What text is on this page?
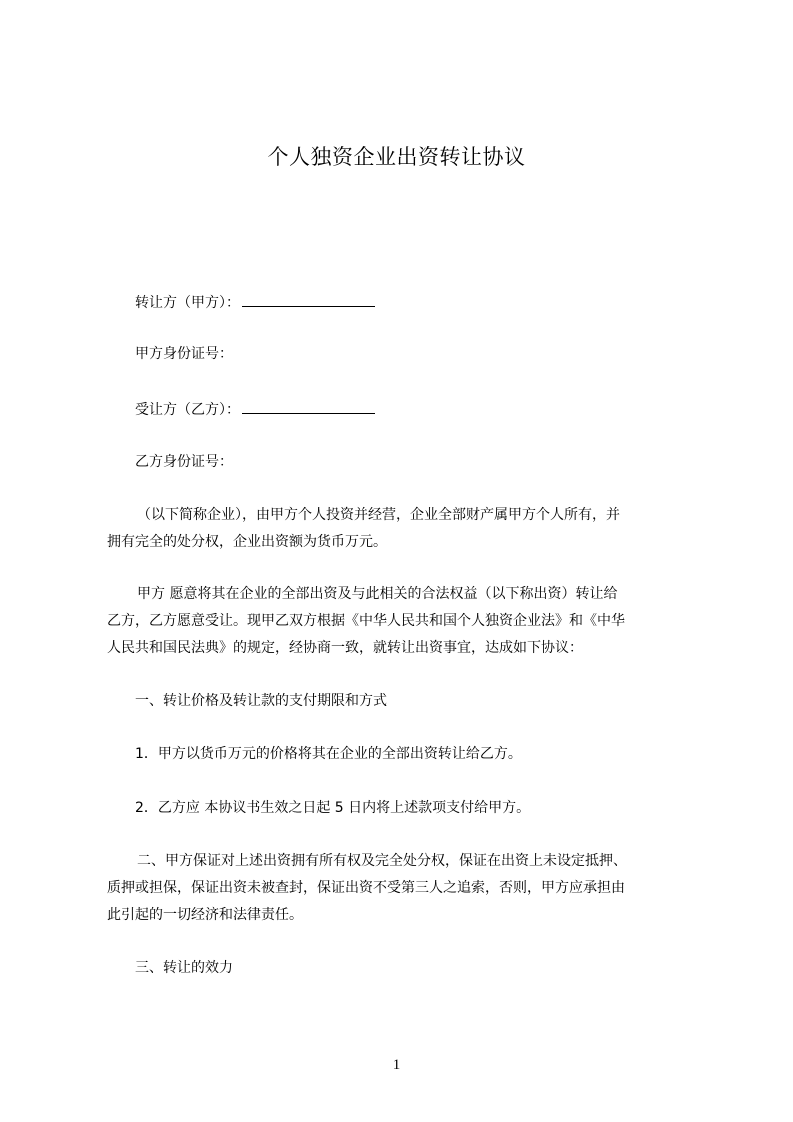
个人独资企业出资转让协议
转让方（甲方）：
甲方身份证号：
受让方（乙方）：
乙方身份证号：
（以下简称企业），由甲方个人投资并经营，企业全部财产属甲方个人所有，并
拥有完全的处分权，企业出资额为货币万元。
甲方 愿意将其在企业的全部出资及与此相关的合法权益（以下称出资）转让给
乙方，乙方愿意受让。现甲乙双方根据《中华人民共和国个人独资企业法》和《中华
人民共和国民法典》的规定，经协商一致，就转让出资事宜，达成如下协议：
一、转让价格及转让款的支付期限和方式
1．甲方以货币万元的价格将其在企业的全部出资转让给乙方。
2．乙方应 本协议书生效之日起 5 日内将上述款项支付给甲方。
二、甲方保证对上述出资拥有所有权及完全处分权，保证在出资上未设定抵押、
质押或担保，保证出资未被查封，保证出资不受第三人之追索，否则，甲方应承担由
此引起的一切经济和法律责任。
三、转让的效力
1
